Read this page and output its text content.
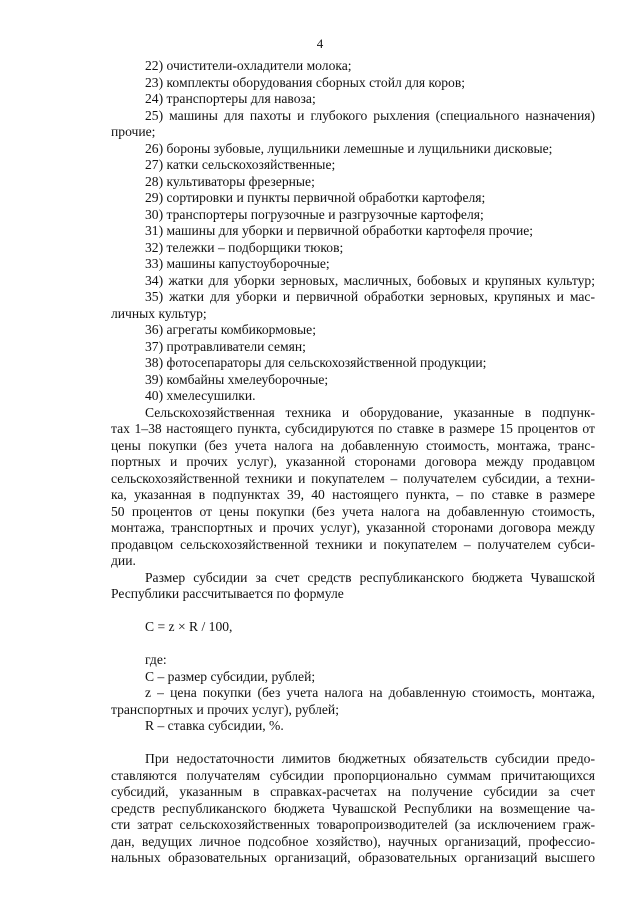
4

22) очистители-охладители молока;

23) комплекты оборудования сборных стойл для коров;

24) транспортеры для навоза;

25) машины для пахоты и глубокого рыхления (специального назначения)

прочие;

26) бороны зубовые, лущильники лемешные и лущильники дисковые;

27) катки сельскохозяйственные;

28) культиваторы фрезерные;

29) сортировки и пункты первичной обработки картофеля;

30) транспортеры погрузочные и разгрузочные картофеля;

31) машины для уборки и первичной обработки картофеля прочие;

32) тележки – подборщики тюков;

33) машины капустоуборочные;

34) жатки для уборки зерновых, масличных, бобовых и крупяных культур;

35) жатки для уборки и первичной обработки зерновых, крупяных и мас-

личных культур;

36) агрегаты комбикормовые;

37) протравливатели семян;

38) фотосепараторы для сельскохозяйственной продукции;

39) комбайны хмелеуборочные;

40) хмелесушилки.

Сельскохозяйственная техника и оборудование, указанные в подпунк-

тах 1–38 настоящего пункта, субсидируются по ставке в размере 15 процентов от

цены покупки (без учета налога на добавленную стоимость, монтажа, транс-

портных и прочих услуг), указанной сторонами договора между продавцом

сельскохозяйственной техники и покупателем – получателем субсидии, а техни-

ка, указанная в подпунктах 39, 40 настоящего пункта, – по ставке в размере

50 процентов от цены покупки (без учета налога на добавленную стоимость,

монтажа, транспортных и прочих услуг), указанной сторонами договора между

продавцом сельскохозяйственной техники и покупателем – получателем субси-

дии.

Размер субсидии за счет средств республиканского бюджета Чувашской

Республики рассчитывается по формуле

C = z × R / 100,

где:

C – размер субсидии, рублей;

z – цена покупки (без учета налога на добавленную стоимость, монтажа,

транспортных и прочих услуг), рублей;

R – ставка субсидии, %.

При недостаточности лимитов бюджетных обязательств субсидии предо-

ставляются получателям субсидии пропорционально суммам причитающихся

субсидий, указанным в справках-расчетах на получение субсидии за счет

средств республиканского бюджета Чувашской Республики на возмещение ча-

сти затрат сельскохозяйственных товаропроизводителей (за исключением граж-

дан, ведущих личное подсобное хозяйство), научных организаций, профессио-

нальных образовательных организаций, образовательных организаций высшего
